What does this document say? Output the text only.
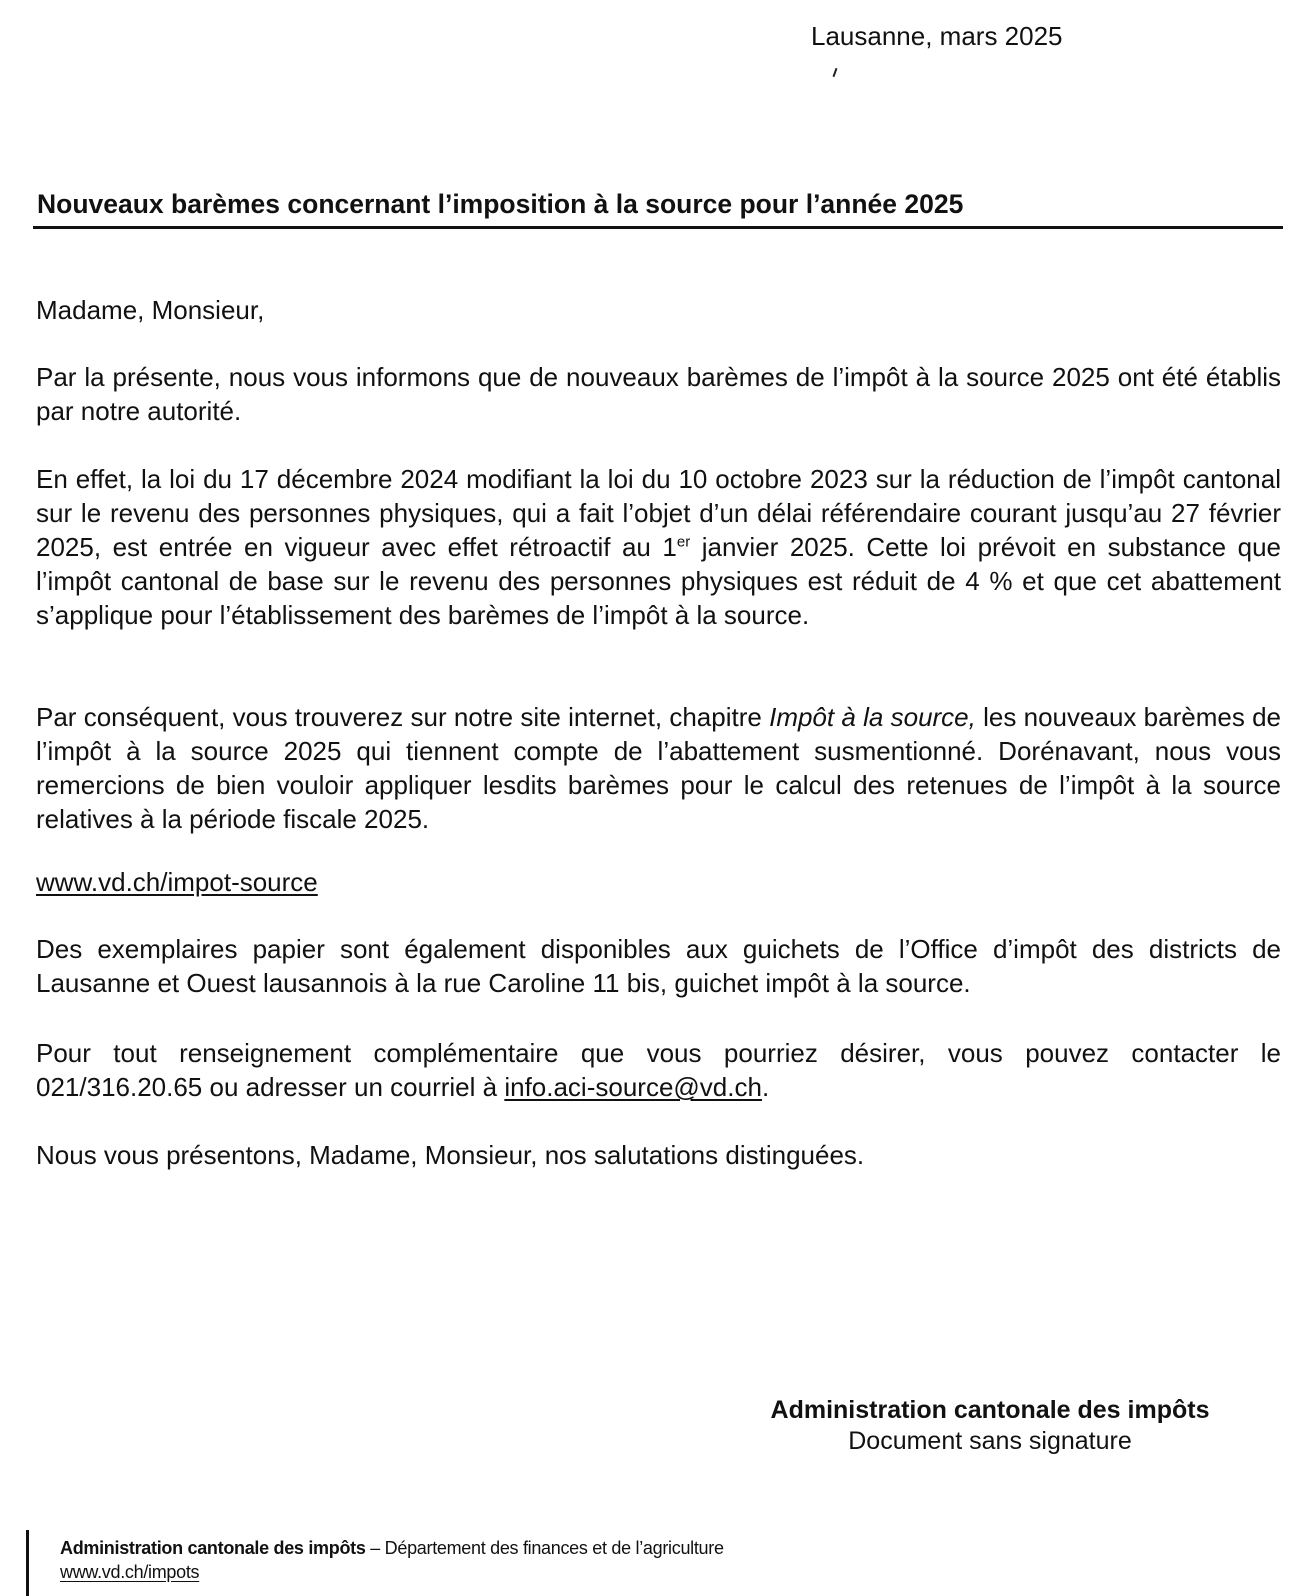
Lausanne, mars 2025
Nouveaux barèmes concernant l’imposition à la source pour l’année 2025

Madame, Monsieur,

Par la présente, nous vous informons que de nouveaux barèmes de l’impôt à la source 2025 ont été établis par notre autorité.

En effet, la loi du 17 décembre 2024 modifiant la loi du 10 octobre 2023 sur la réduction de l’impôt cantonal sur le revenu des personnes physiques, qui a fait l’objet d’un délai référendaire courant jusqu’au 27 février 2025, est entrée en vigueur avec effet rétroactif au 1er janvier 2025. Cette loi prévoit en substance que l’impôt cantonal de base sur le revenu des personnes physiques est réduit de 4 % et que cet abattement s’applique pour l’établissement des barèmes de l’impôt à la source.

Par conséquent, vous trouverez sur notre site internet, chapitre Impôt à la source, les nouveaux barèmes de l’impôt à la source 2025 qui tiennent compte de l’abattement susmentionné. Dorénavant, nous vous remercions de bien vouloir appliquer lesdits barèmes pour le calcul des retenues de l’impôt à la source relatives à la période fiscale 2025.

www.vd.ch/impot-source

Des exemplaires papier sont également disponibles aux guichets de l’Office d’impôt des districts de Lausanne et Ouest lausannois à la rue Caroline 11 bis, guichet impôt à la source.

Pour tout renseignement complémentaire que vous pourriez désirer, vous pouvez contacter le 021/316.20.65 ou adresser un courriel à info.aci-source@vd.ch.

Nous vous présentons, Madame, Monsieur, nos salutations distinguées.

Administration cantonale des impôts
Document sans signature
Administration cantonale des impôts – Département des finances et de l’agriculture
www.vd.ch/impots
